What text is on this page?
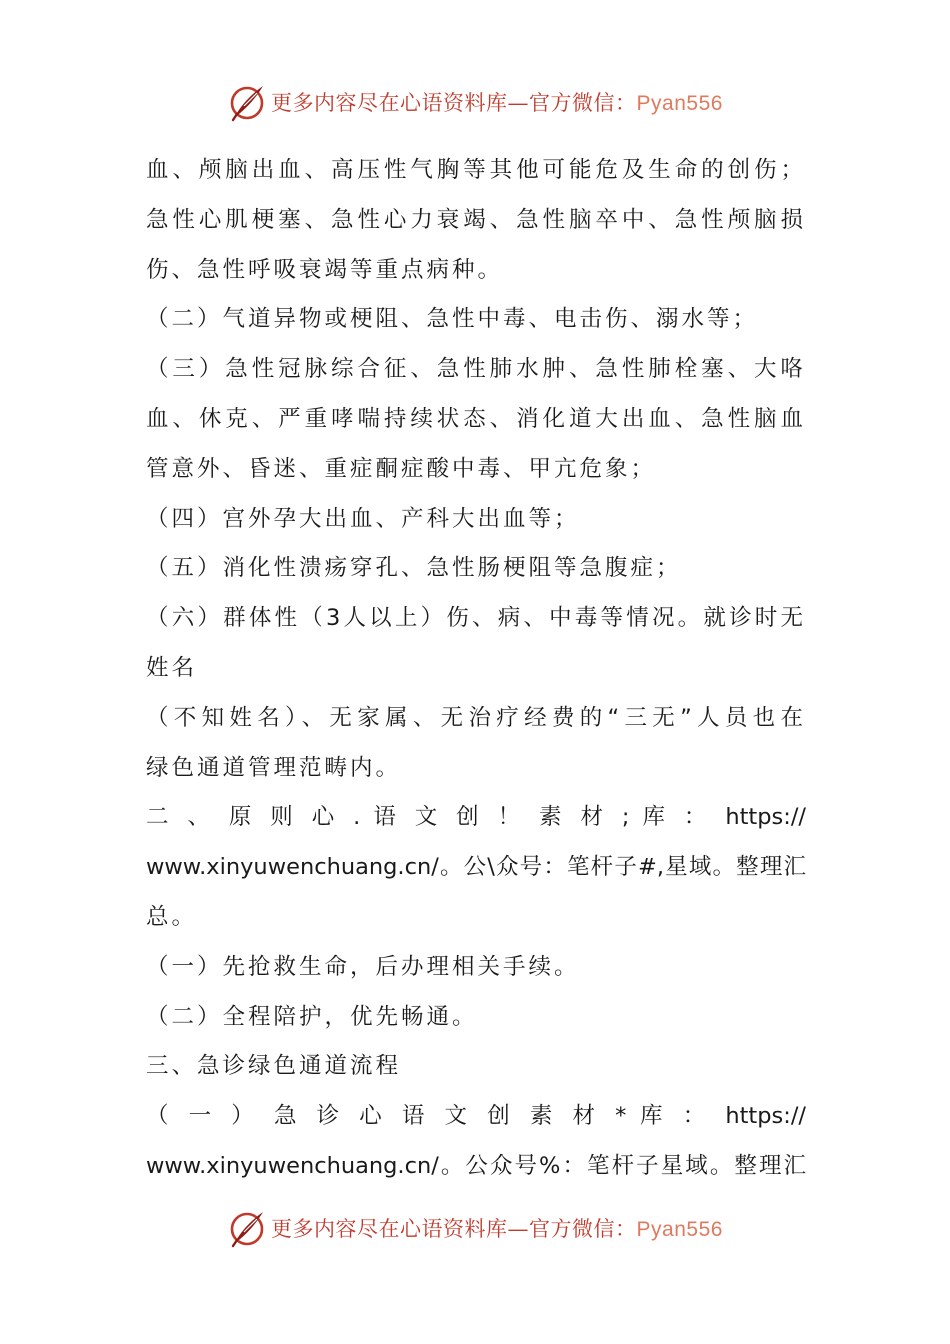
更多内容尽在心语资料库—官方微信：Pyan556
血、颅脑出血、高压性气胸等其他可能危及生命的创伤；
急性心肌梗塞、急性心力衰竭、急性脑卒中、急性颅脑损
伤、急性呼吸衰竭等重点病种。
（二）气道异物或梗阻、急性中毒、电击伤、溺水等；
（三）急性冠脉综合征、急性肺水肿、急性肺栓塞、大咯
血、休克、严重哮喘持续状态、消化道大出血、急性脑血
管意外、昏迷、重症酮症酸中毒、甲亢危象；
（四）宫外孕大出血、产科大出血等；
（五）消化性溃疡穿孔、急性肠梗阻等急腹症；
（六）群体性（3人以上）伤、病、中毒等情况。就诊时无
姓名
（不知姓名）、无家属、无治疗经费的“三无”人员也在
绿色通道管理范畴内。
二 、 原 则 心 . 语 文 创 ！ 素 材 ; 库 ： https://
www.xinyuwenchuang.cn/。公\众号：笔杆子#,星域。整理汇
总。
（一）先抢救生命，后办理相关手续。
（二）全程陪护，优先畅通。
三、急诊绿色通道流程
（ 一 ） 急 诊 心 语 文 创 素 材 * 库 ： https://
www.xinyuwenchuang.cn/。公众号%：笔杆子星域。整理汇
更多内容尽在心语资料库—官方微信：Pyan556
